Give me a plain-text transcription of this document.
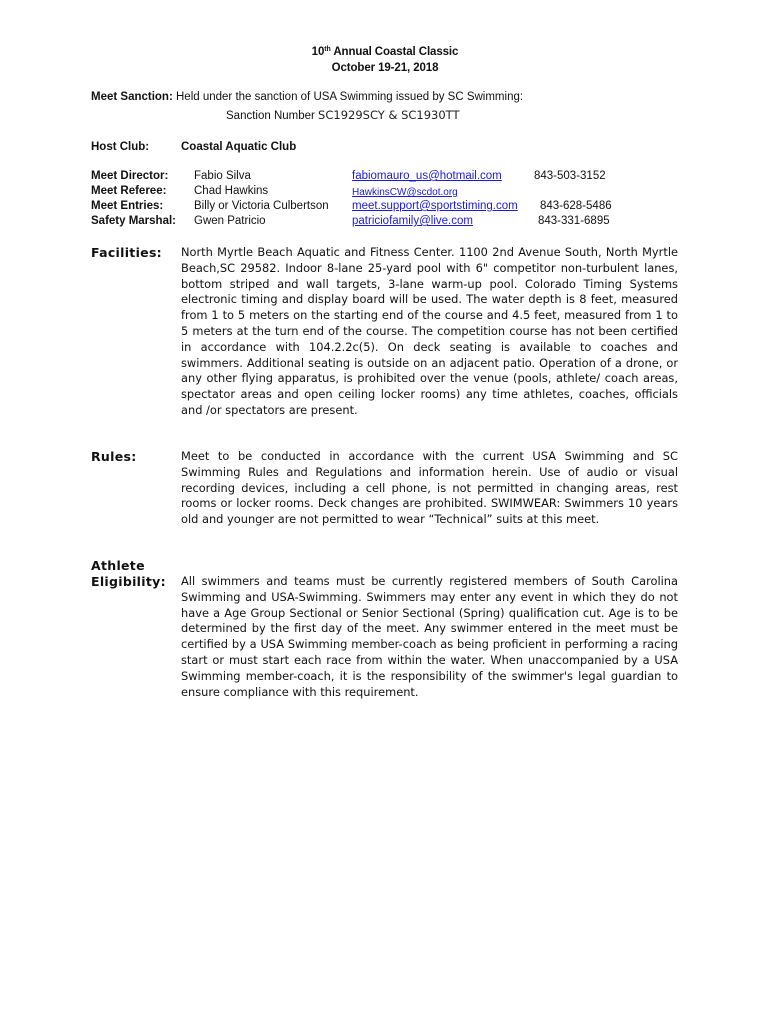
10th Annual Coastal Classic
October 19-21, 2018
Meet Sanction: Held under the sanction of USA Swimming issued by SC Swimming:
Sanction Number SC1929SCY & SC1930TT
Host Club:	Coastal Aquatic Club
Meet Director: Fabio Silva	fabiomauro_us@hotmail.com	843-503-3152
Meet Referee: Chad Hawkins	HawkinsCW@scdot.org
Meet Entries:	Billy or Victoria Culbertson meet.support@sportstiming.com 843-628-5486
Safety Marshal: Gwen Patricio	patriciofamily@live.com	843-331-6895
Facilities: North Myrtle Beach Aquatic and Fitness Center. 1100 2nd Avenue South, North Myrtle Beach,SC 29582. Indoor 8-lane 25-yard pool with 6" competitor non-turbulent lanes, bottom striped and wall targets, 3-lane warm-up pool. Colorado Timing Systems electronic timing and display board will be used. The water depth is 8 feet, measured from 1 to 5 meters on the starting end of the course and 4.5 feet, measured from 1 to 5 meters at the turn end of the course. The competition course has not been certified in accordance with 104.2.2c(5). On deck seating is available to coaches and swimmers. Additional seating is outside on an adjacent patio. Operation of a drone, or any other flying apparatus, is prohibited over the venue (pools, athlete/ coach areas, spectator areas and open ceiling locker rooms) any time athletes, coaches, officials and /or spectators are present.
Rules:	Meet to be conducted in accordance with the current USA Swimming and SC Swimming Rules and Regulations and information herein. Use of audio or visual recording devices, including a cell phone, is not permitted in changing areas, rest rooms or locker rooms. Deck changes are prohibited. SWIMWEAR: Swimmers 10 years old and younger are not permitted to wear “Technical” suits at this meet.
Athlete
Eligibility: All swimmers and teams must be currently registered members of South Carolina Swimming and USA-Swimming. Swimmers may enter any event in which they do not have a Age Group Sectional or Senior Sectional (Spring) qualification cut. Age is to be determined by the first day of the meet. Any swimmer entered in the meet must be certified by a USA Swimming member-coach as being proficient in performing a racing start or must start each race from within the water. When unaccompanied by a USA Swimming member-coach, it is the responsibility of the swimmer's legal guardian to ensure compliance with this requirement.
